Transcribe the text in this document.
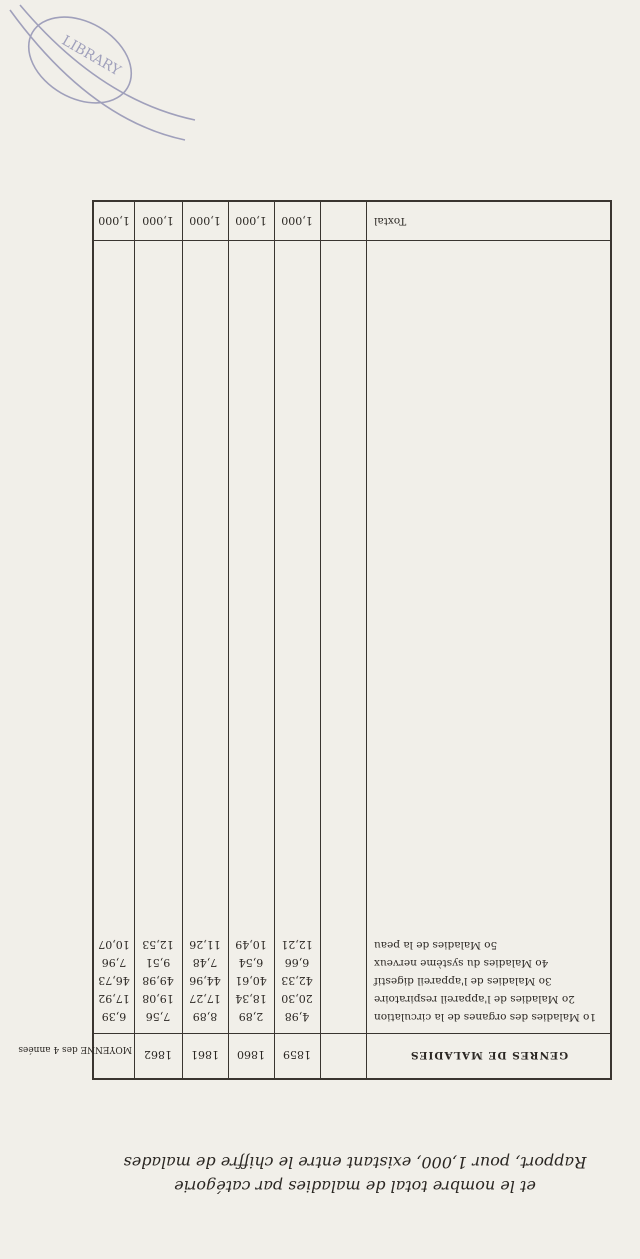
LIBRARY
1,000	1,000	1,000	1,000	1,000	Toxtal
6,39	7,56	8,89	2,89	4,98	1o Maladies des organes de la circulation
17,92	19,08	17,27	18,34	20,30	2o Maladies de l'appareil respiratoire
46,73	49,98	44,96	40,61	42,33	3o Maladies de l'appareil digestif
7,96	9,51	7,48	6,54	6,66	4o Maladies du système nerveux
10,07	12,53	11,26	10,49	12,21	5o Maladies de la peau
MOYENNE des 4 années	1862	1861	1860	1859	GENRES DE MALADIES
et le nombre total de maladies par catégorie
Rapport, pour 1,000, existant entre le chiffre de malades
